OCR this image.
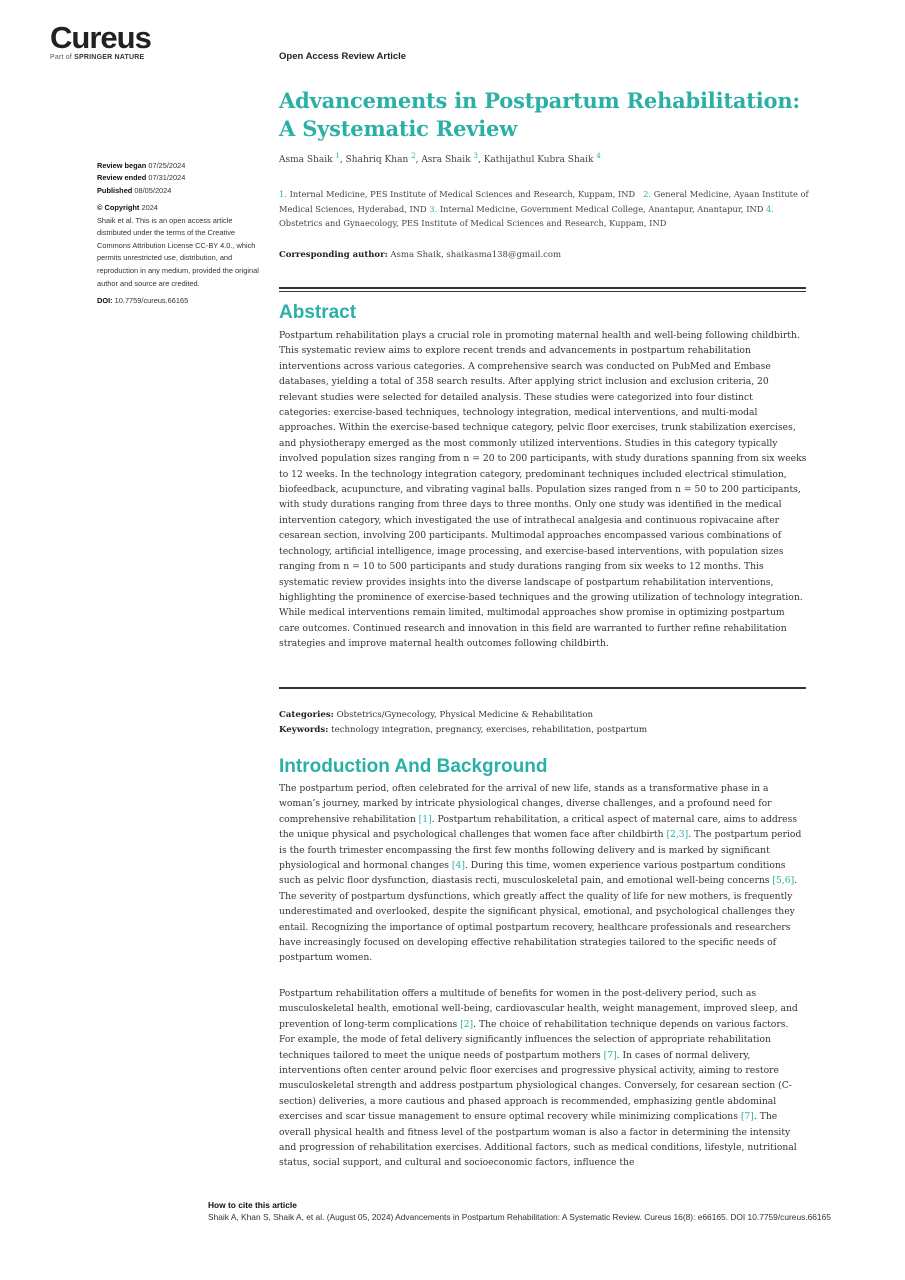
Cureus
Part of SPRINGER NATURE	Open Access Review Article
Advancements in Postpartum Rehabilitation: A Systematic Review
Asma Shaik $^1$, Shahriq Khan $^2$, Asra Shaik $^3$, Kathijathul Kubra Shaik $^4$
1. Internal Medicine, PES Institute of Medical Sciences and Research, Kuppam, IND 2. General Medicine, Ayaan Institute of Medical Sciences, Hyderabad, IND 3. Internal Medicine, Government Medical College, Anantapur, Anantapur, IND 4. Obstetrics and Gynaecology, PES Institute of Medical Sciences and Research, Kuppam, IND
Corresponding author: Asma Shaik, shaikasma138@gmail.com
Review began 07/25/2024
Review ended 07/31/2024
Published 08/05/2024
© Copyright 2024
Shaik et al. This is an open access article distributed under the terms of the Creative Commons Attribution License CC-BY 4.0., which permits unrestricted use, distribution, and reproduction in any medium, provided the original author and source are credited.
DOI: 10.7759/cureus.66165
Abstract

Postpartum rehabilitation plays a crucial role in promoting maternal health and well-being following childbirth. This systematic review aims to explore recent trends and advancements in postpartum rehabilitation interventions across various categories. A comprehensive search was conducted on PubMed and Embase databases, yielding a total of 358 search results. After applying strict inclusion and exclusion criteria, 20 relevant studies were selected for detailed analysis. These studies were categorized into four distinct categories: exercise-based techniques, technology integration, medical interventions, and multi-modal approaches. Within the exercise-based technique category, pelvic floor exercises, trunk stabilization exercises, and physiotherapy emerged as the most commonly utilized interventions. Studies in this category typically involved population sizes ranging from n = 20 to 200 participants, with study durations spanning from six weeks to 12 weeks. In the technology integration category, predominant techniques included electrical stimulation, biofeedback, acupuncture, and vibrating vaginal balls. Population sizes ranged from n = 50 to 200 participants, with study durations ranging from three days to three months. Only one study was identified in the medical intervention category, which investigated the use of intrathecal analgesia and continuous ropivacaine after cesarean section, involving 200 participants. Multimodal approaches encompassed various combinations of technology, artificial intelligence, image processing, and exercise-based interventions, with population sizes ranging from n = 10 to 500 participants and study durations ranging from six weeks to 12 months. This systematic review provides insights into the diverse landscape of postpartum rehabilitation interventions, highlighting the prominence of exercise-based techniques and the growing utilization of technology integration. While medical interventions remain limited, multimodal approaches show promise in optimizing postpartum care outcomes. Continued research and innovation in this field are warranted to further refine rehabilitation strategies and improve maternal health outcomes following childbirth.

Categories: Obstetrics/Gynecology, Physical Medicine & Rehabilitation
Keywords: technology integration, pregnancy, exercises, rehabilitation, postpartum
Introduction And Background

The postpartum period, often celebrated for the arrival of new life, stands as a transformative phase in a woman’s journey, marked by intricate physiological changes, diverse challenges, and a profound need for comprehensive rehabilitation [1]. Postpartum rehabilitation, a critical aspect of maternal care, aims to address the unique physical and psychological challenges that women face after childbirth [2,3]. The postpartum period is the fourth trimester encompassing the first few months following delivery and is marked by significant physiological and hormonal changes [4]. During this time, women experience various postpartum conditions such as pelvic floor dysfunction, diastasis recti, musculoskeletal pain, and emotional well-being concerns [5,6]. The severity of postpartum dysfunctions, which greatly affect the quality of life for new mothers, is frequently underestimated and overlooked, despite the significant physical, emotional, and psychological challenges they entail. Recognizing the importance of optimal postpartum recovery, healthcare professionals and researchers have increasingly focused on developing effective rehabilitation strategies tailored to the specific needs of postpartum women.

Postpartum rehabilitation offers a multitude of benefits for women in the post-delivery period, such as musculoskeletal health, emotional well-being, cardiovascular health, weight management, improved sleep, and prevention of long-term complications [2]. The choice of rehabilitation technique depends on various factors. For example, the mode of fetal delivery significantly influences the selection of appropriate rehabilitation techniques tailored to meet the unique needs of postpartum mothers [7]. In cases of normal delivery, interventions often center around pelvic floor exercises and progressive physical activity, aiming to restore musculoskeletal strength and address postpartum physiological changes. Conversely, for cesarean section (C-section) deliveries, a more cautious and phased approach is recommended, emphasizing gentle abdominal exercises and scar tissue management to ensure optimal recovery while minimizing complications [7]. The overall physical health and fitness level of the postpartum woman is also a factor in determining the intensity and progression of rehabilitation exercises. Additional factors, such as medical conditions, lifestyle, nutritional status, social support, and cultural and socioeconomic factors, influence the

How to cite this article
Shaik A, Khan S, Shaik A, et al. (August 05, 2024) Advancements in Postpartum Rehabilitation: A Systematic Review. Cureus 16(8): e66165. DOI 10.7759/cureus.66165
